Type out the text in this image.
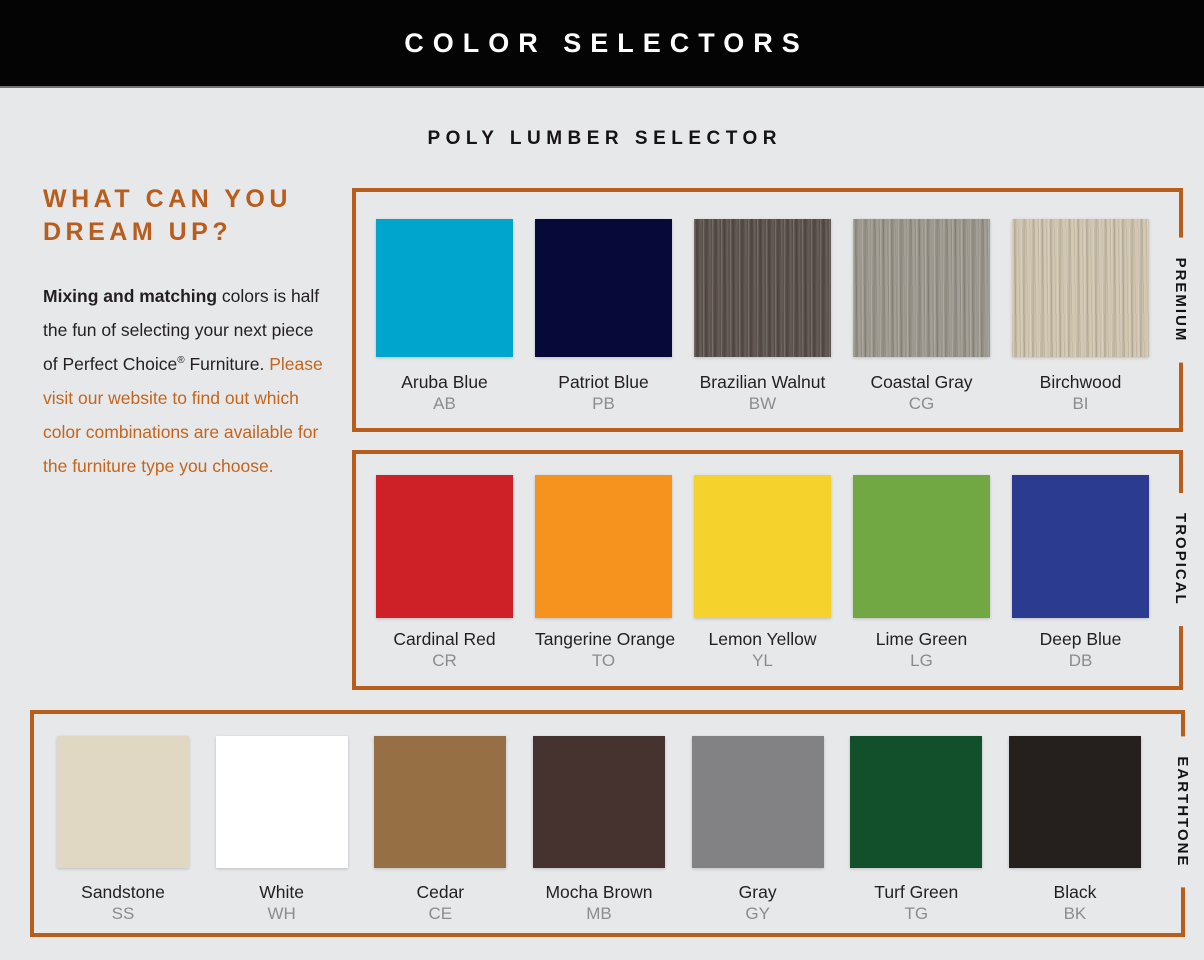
COLOR SELECTORS
POLY LUMBER SELECTOR
WHAT CAN YOU
DREAM UP?

Mixing and matching colors is half the fun of selecting your next piece of Perfect Choice® Furniture. Please visit our website to find out which color combinations are available for the furniture type you choose.

Aruba Blue
AB
Patriot Blue
PB
Brazilian Walnut
BW
Coastal Gray
CG
Birchwood
BI
PREMIUM
Cardinal Red
CR
Tangerine Orange
TO
Lemon Yellow
YL
Lime Green
LG
Deep Blue
DB
TROPICAL
Sandstone
SS
White
WH
Cedar
CE
Mocha Brown
MB
Gray
GY
Turf Green
TG
Black
BK
EARTHTONE
